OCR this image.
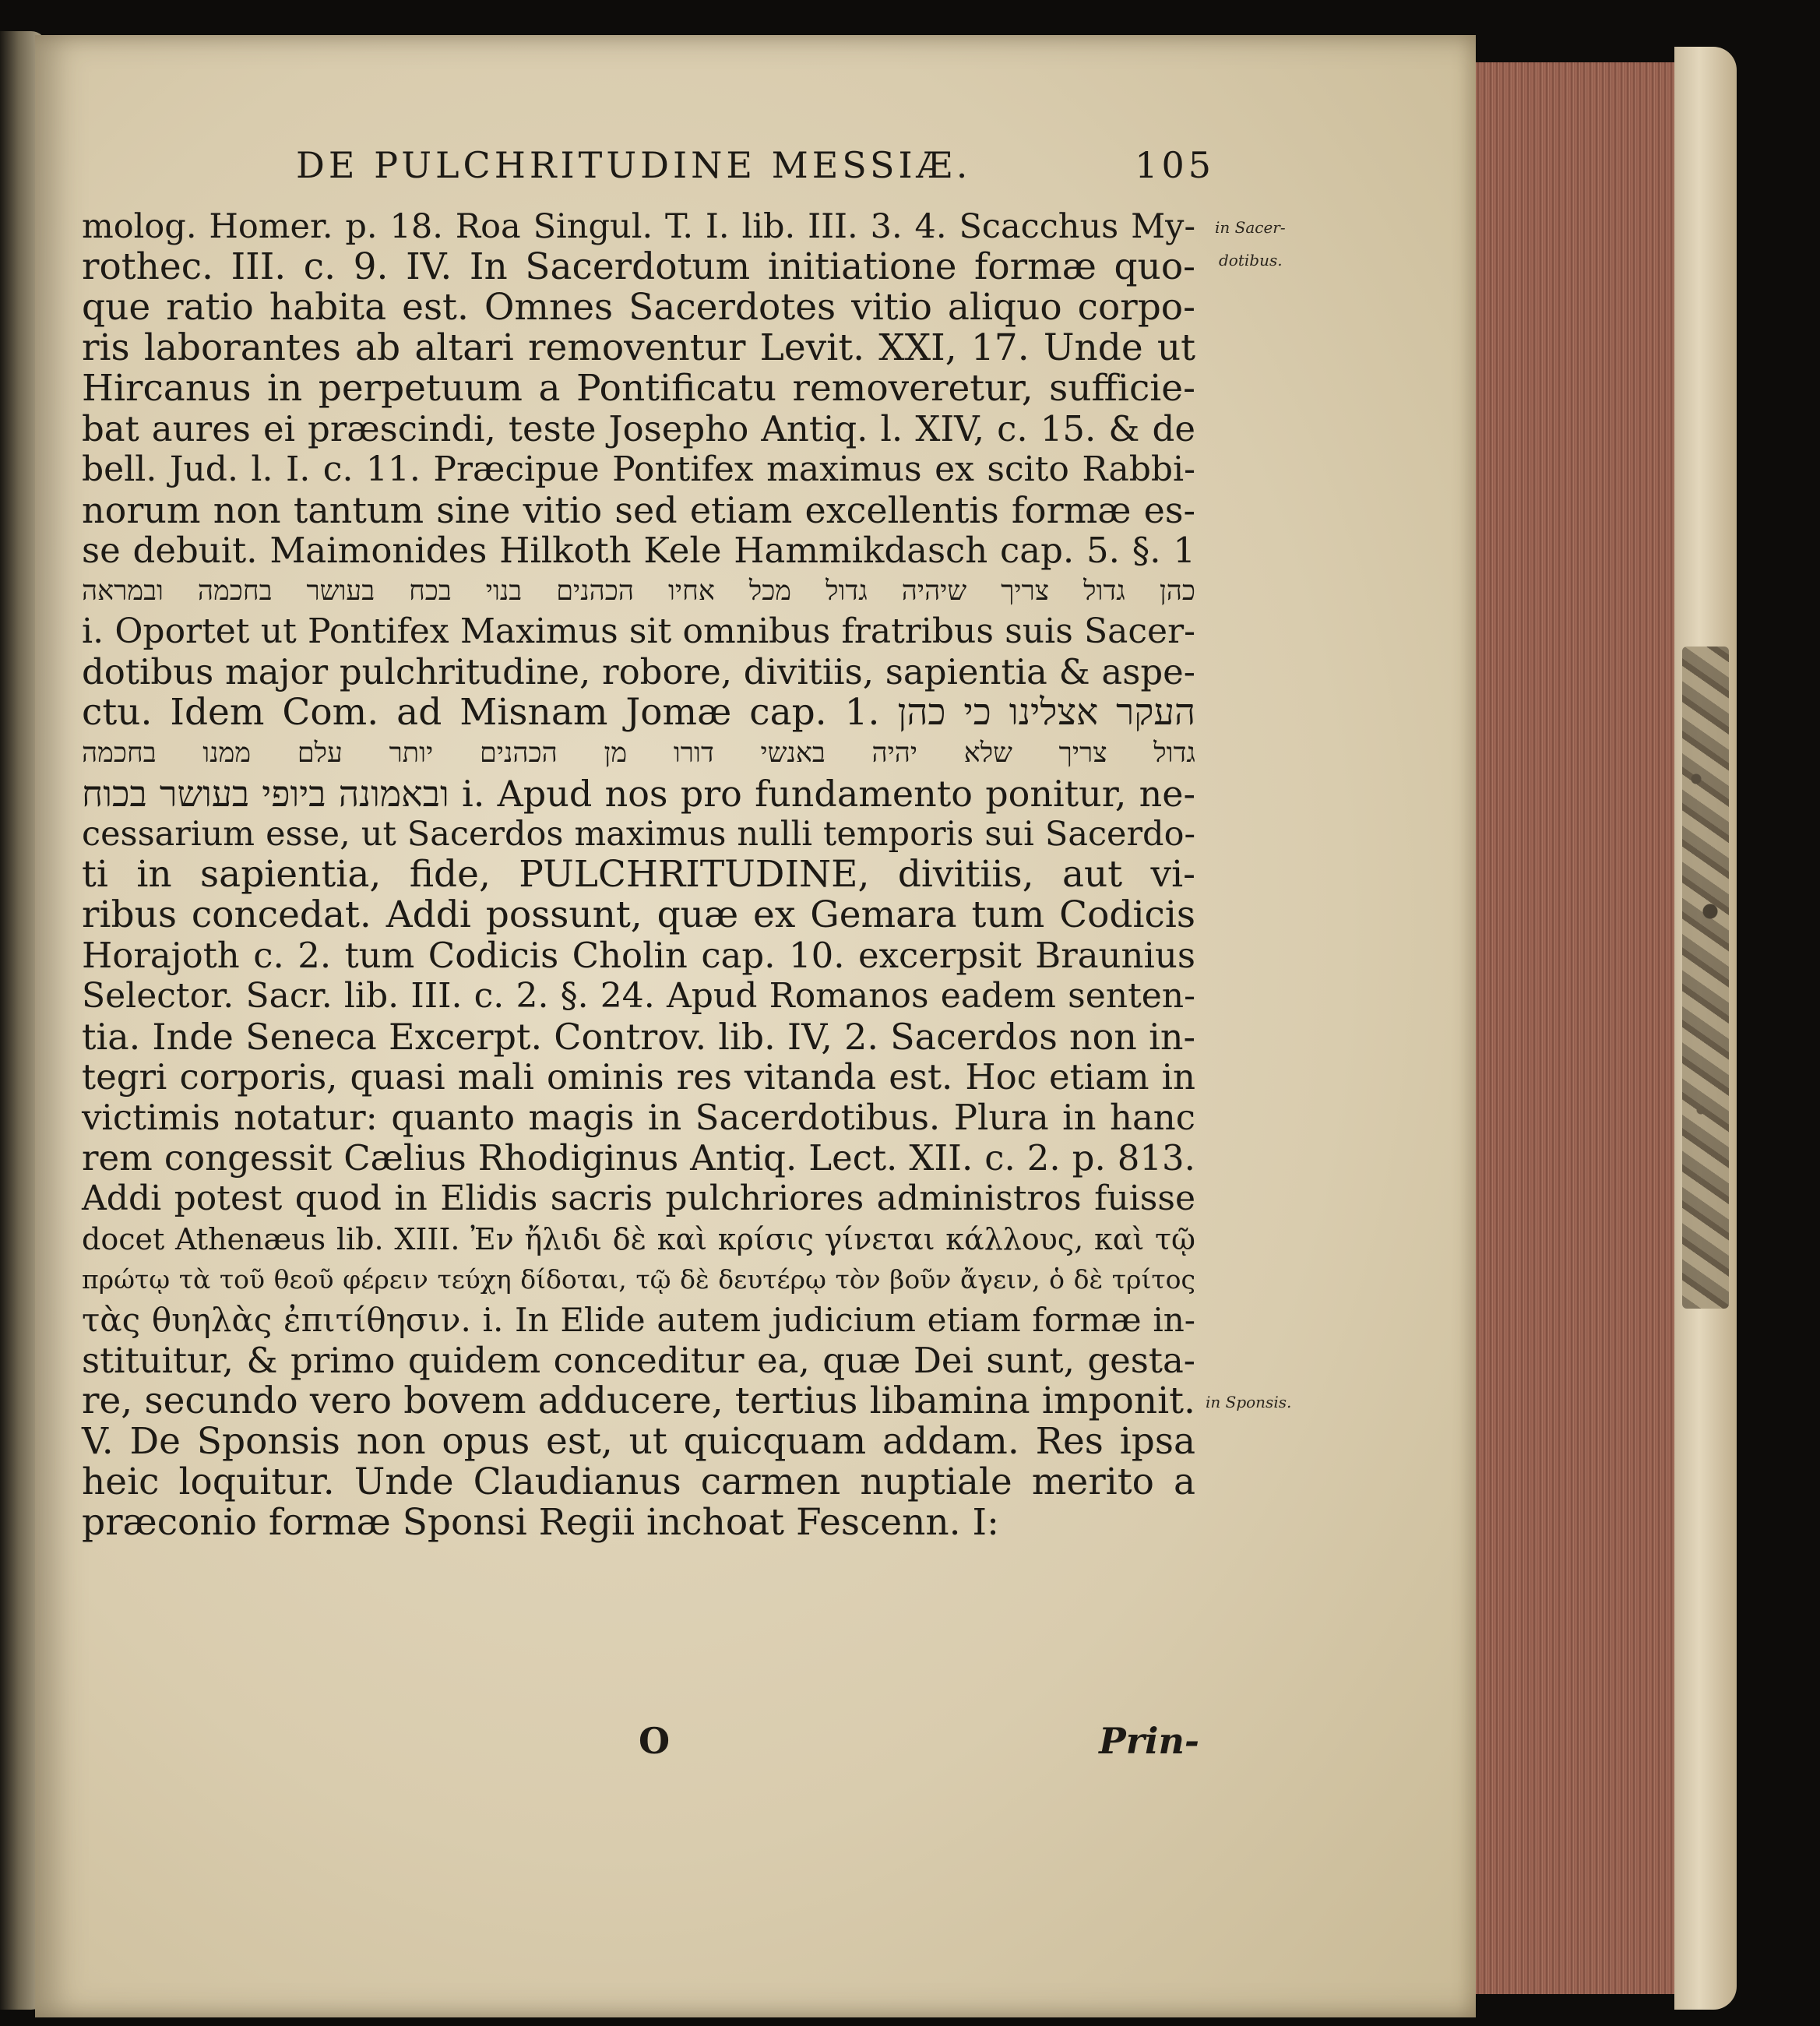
DE PULCHRITUDINE MESSIÆ.	105

molog. Homer. p. 18. Roa Singul. T. I. lib. III. 3. 4. Scacchus My-

rothec. III. c. 9. IV. In Sacerdotum initiatione formæ quo-

que ratio habita est. Omnes Sacerdotes vitio aliquo corpo-

ris laborantes ab altari removentur Levit. XXI, 17. Unde ut

Hircanus in perpetuum a Pontificatu removeretur, sufficie-

bat aures ei præscindi, teste Josepho Antiq. l. XIV, c. 15. & de

bell. Jud. l. I. c. 11. Præcipue Pontifex maximus ex scito Rabbi-

norum non tantum sine vitio sed etiam excellentis formæ es-

se debuit. Maimonides Hilkoth Kele Hammikdasch cap. 5. §. 1

כהן גדול צריך שיהיה גדול מכל אחיו הכהנים בנוי בכח בעושר בחכמה ובמראה

i. Oportet ut Pontifex Maximus sit omnibus fratribus suis Sacer-

dotibus major pulchritudine, robore, divitiis, sapientia & aspe-

ctu. Idem Com. ad Misnam Jomæ cap. 1. העקר אצלינו כי כהן

גדול צריך שלא יהיה באנשי דורו מן הכהנים יותר עלם ממנו בחכמה

ובאמונה ביופי בעושר בכוח i. Apud nos pro fundamento ponitur, ne-

cessarium esse, ut Sacerdos maximus nulli temporis sui Sacerdo-

ti in sapientia, fide, PULCHRITUDINE, divitiis, aut vi-

ribus concedat. Addi possunt, quæ ex Gemara tum Codicis

Horajoth c. 2. tum Codicis Cholin cap. 10. excerpsit Braunius

Selector. Sacr. lib. III. c. 2. §. 24. Apud Romanos eadem senten-

tia. Inde Seneca Excerpt. Controv. lib. IV, 2. Sacerdos non in-

tegri corporis, quasi mali ominis res vitanda est. Hoc etiam in

victimis notatur: quanto magis in Sacerdotibus. Plura in hanc

rem congessit Cælius Rhodiginus Antiq. Lect. XII. c. 2. p. 813.

Addi potest quod in Elidis sacris pulchriores administros fuisse

docet Athenæus lib. XIII. Ἐν ἤλιδι δὲ καὶ κρίσις γίνεται κάλλους, καὶ τῷ

πρώτῳ τὰ τοῦ θεοῦ φέρειν τεύχη δίδοται, τῷ δὲ δευτέρῳ τὸν βοῦν ἄγειν, ὁ δὲ τρίτος

τὰς θυηλὰς ἐπιτίθησιν. i. In Elide autem judicium etiam formæ in-

stituitur, & primo quidem conceditur ea, quæ Dei sunt, gesta-

re, secundo vero bovem adducere, tertius libamina imponit.

V. De Sponsis non opus est, ut quicquam addam. Res ipsa

heic loquitur. Unde Claudianus carmen nuptiale merito a

præconio formæ Sponsi Regii inchoat Fescenn. I:

in Sacer-
dotibus.
in Sponsis.
O	Prin-
